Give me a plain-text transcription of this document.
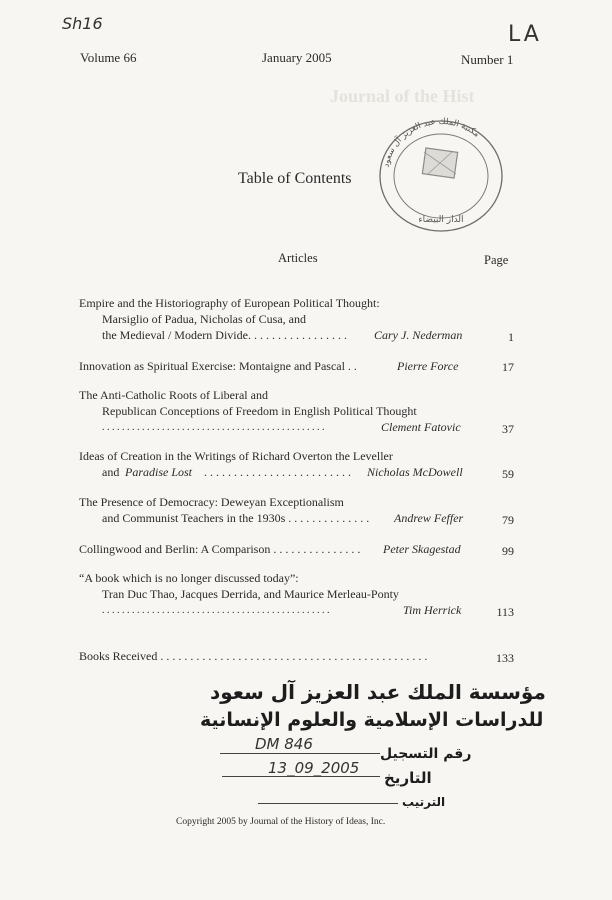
Sh16	LA
Volume 66	January 2005	Number 1
Journal of the Hist
مكتبة الملك عبد العزيز آل سعود
الدار البيضاء
Table of Contents
Articles	Page
Empire and the Historiography of European Political Thought:
Marsiglio of Padua, Nicholas of Cusa, and
the Medieval / Modern Divide. . . . . . . . . . . . . . . . . Cary J. Nederman	1
Innovation as Spiritual Exercise: Montaigne and Pascal . .	Pierre Force	17
The Anti-Catholic Roots of Liberal and
Republican Conceptions of Freedom in English Political Thought
. . . . . . . . . . . . . . . . . . . . . . . . . . . . . . . . . . . . . . . . . . . . .	Clement Fatovic	37
Ideas of Creation in the Writings of Richard Overton the Leveller
and Paradise Lost . . . . . . . . . . . . . . . . . . . . . . . . . Nicholas McDowell	59
The Presence of Democracy: Deweyan Exceptionalism
and Communist Teachers in the 1930s . . . . . . . . . . . . . . Andrew Feffer	79
Collingwood and Berlin: A Comparison . . . . . . . . . . . . . . . Peter Skagestad	99
“A book which is no longer discussed today”:
Tran Duc Thao, Jacques Derrida, and Maurice Merleau-Ponty
. . . . . . . . . . . . . . . . . . . . . . . . . . . . . . . . . . . . . . . . . . . . . .	Tim Herrick	113
Books Received . . . . . . . . . . . . . . . . . . . . . . . . . . . . . . . . . . . . . . . . . . . . .	133
مؤسسة الملك عبد العزيز آل سعود
للدراسات الإسلامية والعلوم الإنسانية
رقم التسجيل
DM 846
التاريخ
13_09_2005
الترتيب
Copyright 2005 by Journal of the History of Ideas, Inc.
